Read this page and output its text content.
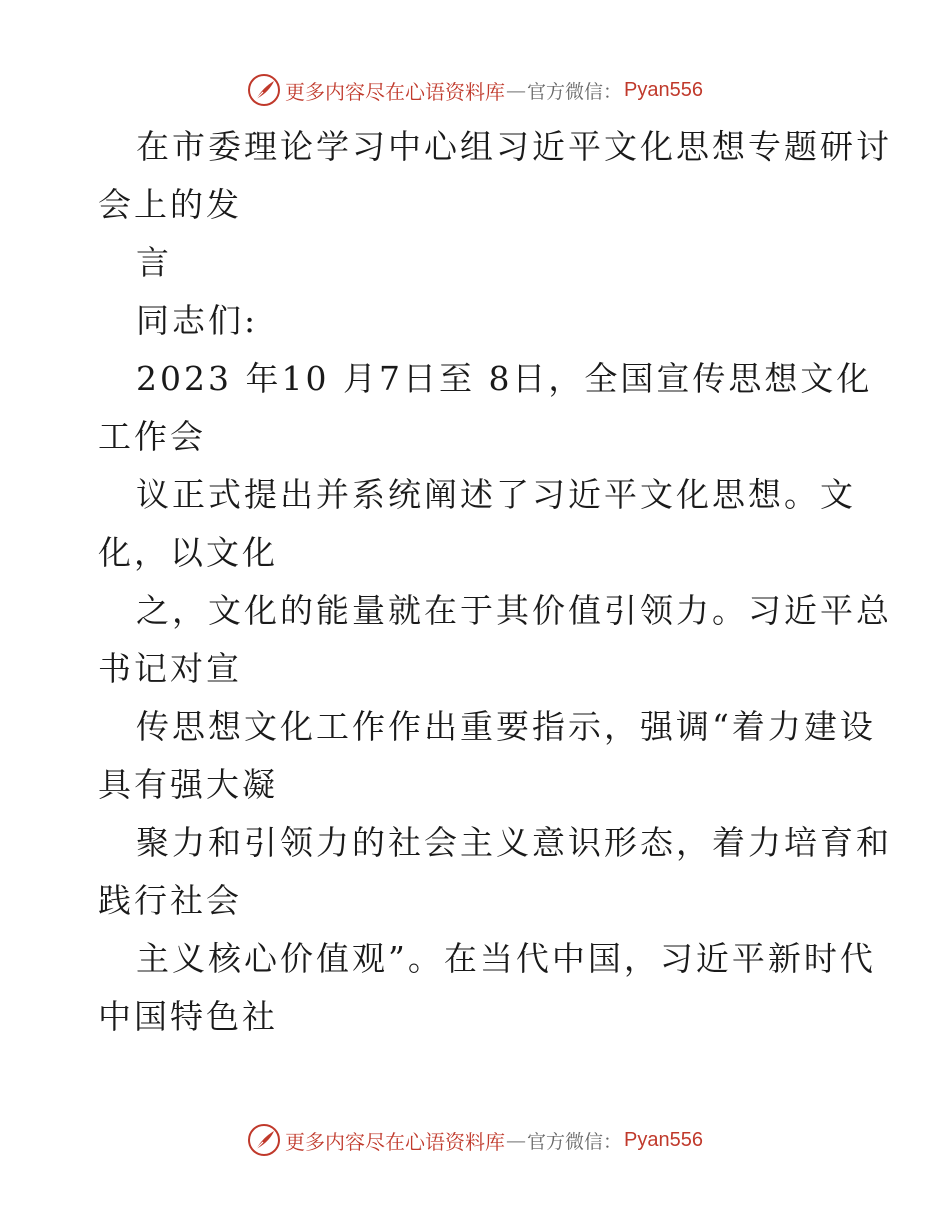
更多内容尽在心语资料库 — 官方微信： Pyan556
在市委理论学习中心组习近平文化思想专题研讨
会上的发
言
同志们:
2023 年10 月7日至 8日，全国宣传思想文化
工作会
议正式提出并系统阐述了习近平文化思想。文
化，以文化
之，文化的能量就在于其价值引领力。习近平总
书记对宣
传思想文化工作作出重要指示，强调“着力建设
具有强大凝
聚力和引领力的社会主义意识形态，着力培育和
践行社会
主义核心价值观”。在当代中国，习近平新时代
中国特色社
更多内容尽在心语资料库 — 官方微信： Pyan556
